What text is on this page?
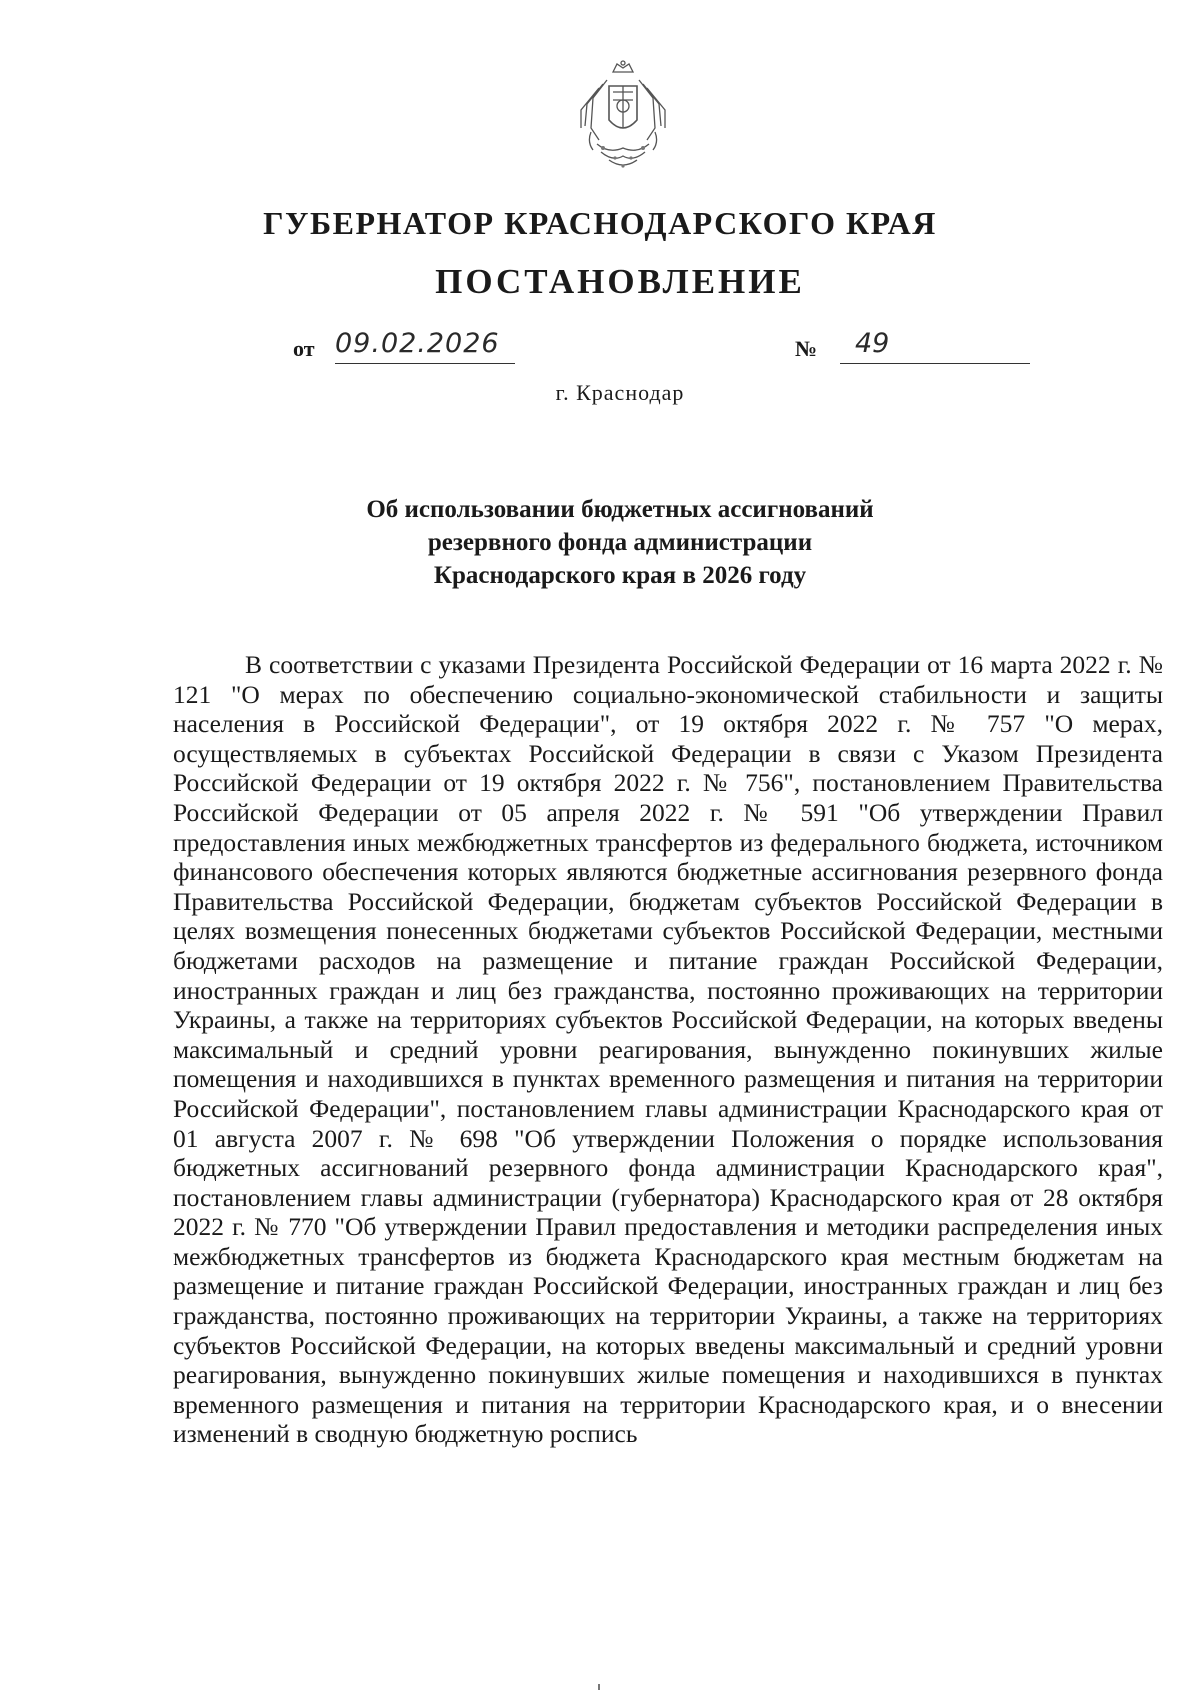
ГУБЕРНАТОР КРАСНОДАРСКОГО КРАЯ
ПОСТАНОВЛЕНИЕ
от 09.02.2026	№ 49
г. Краснодар
Об использовании бюджетных ассигнований
резервного фонда администрации
Краснодарского края в 2026 году

В соответствии с указами Президента Российской Федерации от 16 марта 2022 г. № 121 "О мерах по обеспечению социально-экономической стабильности и защиты населения в Российской Федерации", от 19 октября 2022 г. № 757 "О мерах, осуществляемых в субъектах Российской Федерации в связи с Указом Президента Российской Федерации от 19 октября 2022 г. № 756", постановлением Правительства Российской Федерации от 05 апреля 2022 г. № 591 "Об утверждении Правил предоставления иных межбюджетных трансфертов из федерального бюджета, источником финансового обеспечения которых являются бюджетные ассигнования резервного фонда Правительства Российской Федерации, бюджетам субъектов Российской Федерации в целях возмещения понесенных бюджетами субъектов Российской Федерации, местными бюджетами расходов на размещение и питание граждан Российской Федерации, иностранных граждан и лиц без гражданства, постоянно проживающих на территории Украины, а также на территориях субъектов Российской Федерации, на которых введены максимальный и средний уровни реагирования, вынужденно покинувших жилые помещения и находившихся в пунктах временного размещения и питания на территории Российской Федерации", постановлением главы администрации Краснодарского края от 01 августа 2007 г. № 698 "Об утверждении Положения о порядке использования бюджетных ассигнований резервного фонда администрации Краснодарского края", постановлением главы администрации (губернатора) Краснодарского края от 28 октября 2022 г. № 770 "Об утверждении Правил предоставления и методики распределения иных межбюджетных трансфертов из бюджета Краснодарского края местным бюджетам на размещение и питание граждан Российской Федерации, иностранных граждан и лиц без гражданства, постоянно проживающих на территории Украины, а также на территориях субъектов Российской Федерации, на которых введены максимальный и средний уровни реагирования, вынужденно покинувших жилые помещения и находившихся в пунктах временного размещения и питания на территории Краснодарского края, и о внесении изменений в сводную бюджетную роспись
